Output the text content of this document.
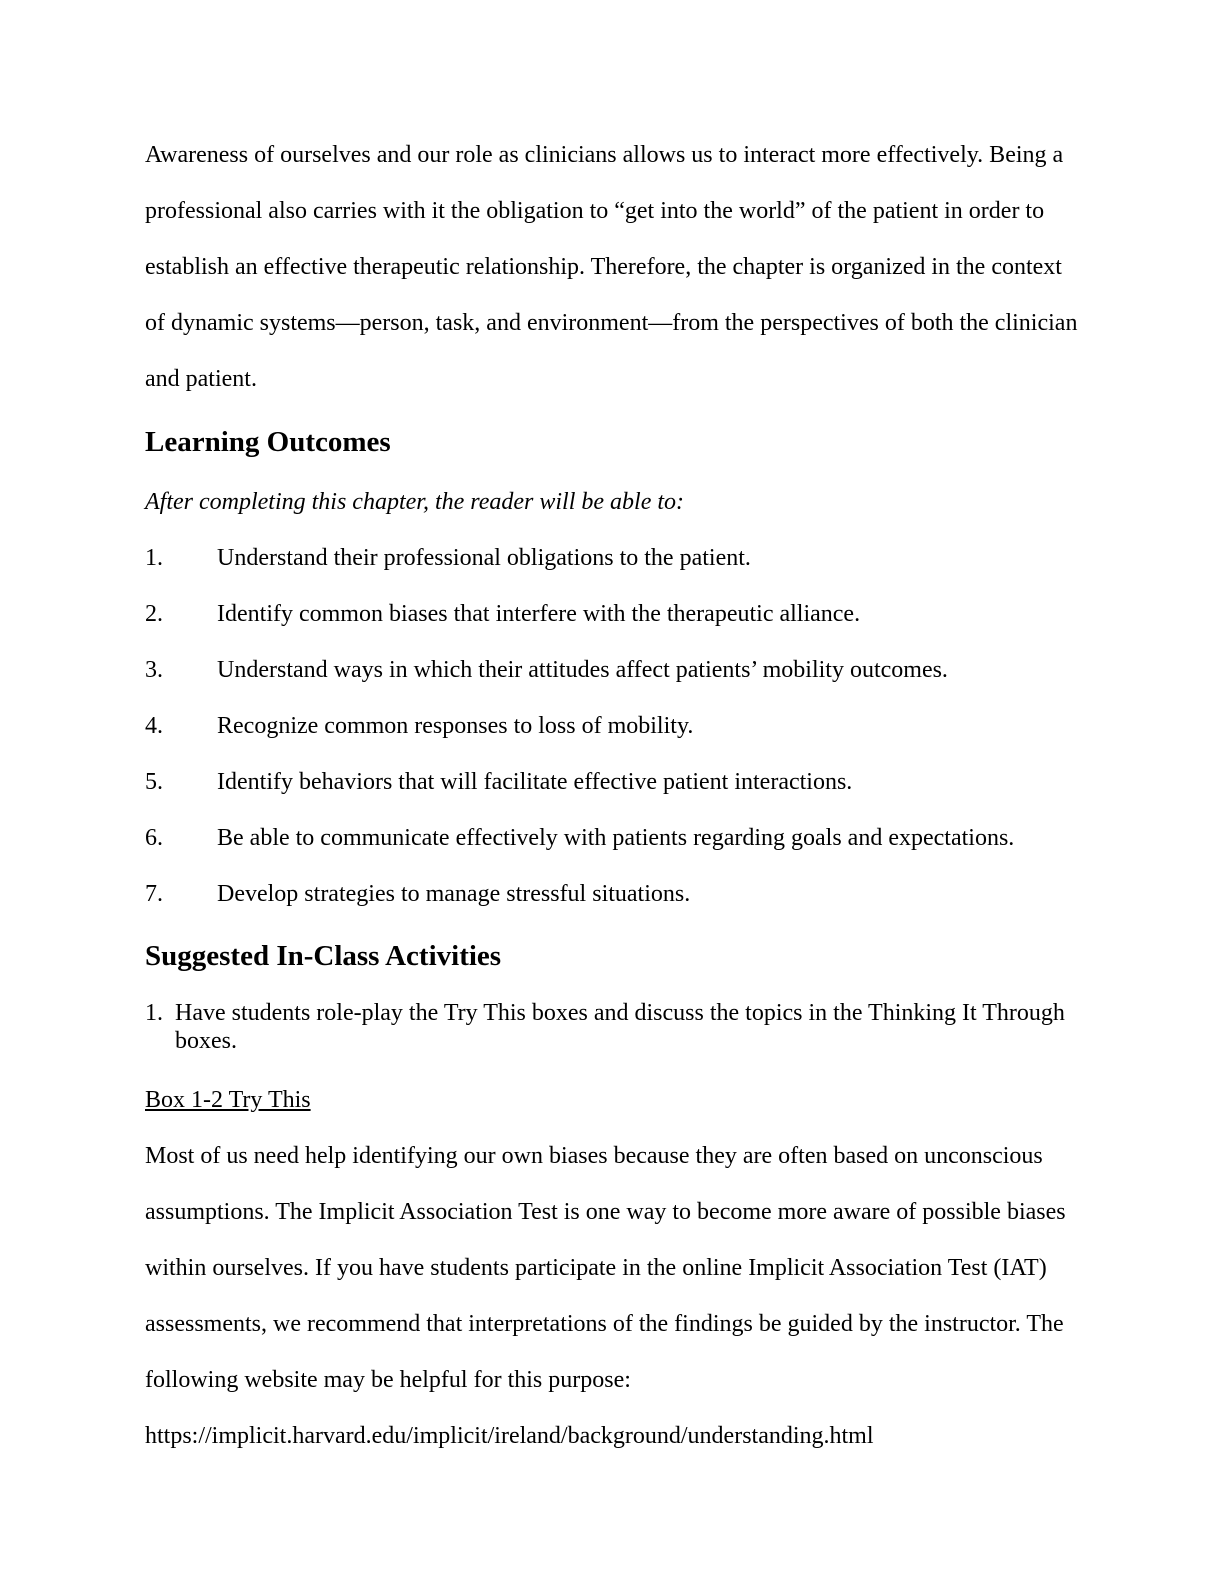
Awareness of ourselves and our role as clinicians allows us to interact more effectively. Being a professional also carries with it the obligation to “get into the world” of the patient in order to establish an effective therapeutic relationship. Therefore, the chapter is organized in the context of dynamic systems—person, task, and environment—from the perspectives of both the clinician and patient.

Learning Outcomes

After completing this chapter, the reader will be able to:

1.	Understand their professional obligations to the patient.
2.	Identify common biases that interfere with the therapeutic alliance.
3.	Understand ways in which their attitudes affect patients’ mobility outcomes.
4.	Recognize common responses to loss of mobility.
5.	Identify behaviors that will facilitate effective patient interactions.
6.	Be able to communicate effectively with patients regarding goals and expectations.
7.	Develop strategies to manage stressful situations.
Suggested In-Class Activities
1. Have students role-play the Try This boxes and discuss the topics in the Thinking It Through boxes.

Box 1-2 Try This

Most of us need help identifying our own biases because they are often based on unconscious assumptions. The Implicit Association Test is one way to become more aware of possible biases within ourselves. If you have students participate in the online Implicit Association Test (IAT) assessments, we recommend that interpretations of the findings be guided by the instructor. The following website may be helpful for this purpose:

https://implicit.harvard.edu/implicit/ireland/background/understanding.html
